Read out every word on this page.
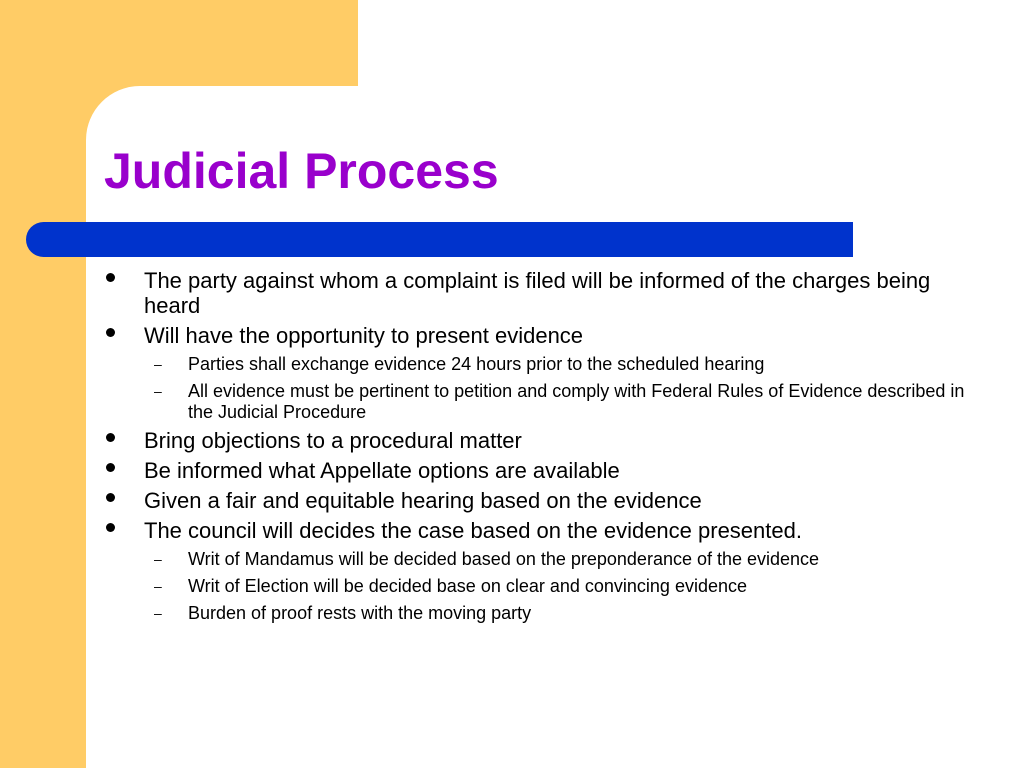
Judicial Process
The party against whom a complaint is filed will be informed of the charges being heard
Will have the opportunity to present evidence
– Parties shall exchange evidence 24 hours prior to the scheduled hearing
– All evidence must be pertinent to petition and comply with Federal Rules of Evidence described in the Judicial Procedure
Bring objections to a procedural matter
Be informed what Appellate options are available
Given a fair and equitable hearing based on the evidence
The council will decides the case based on the evidence presented.
– Writ of Mandamus will be decided based on the preponderance of the evidence
– Writ of Election will be decided base on clear and convincing evidence
– Burden of proof rests with the moving party
